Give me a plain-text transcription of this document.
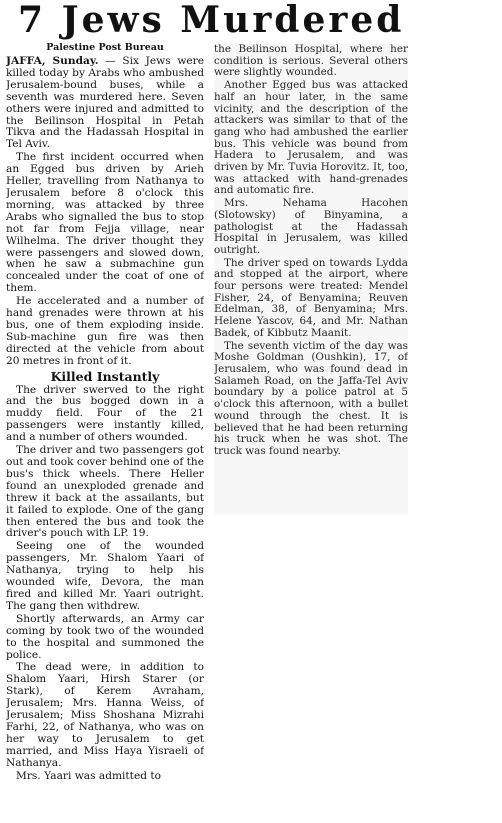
7 Jews Murdered
Palestine Post Bureau

JAFFA, Sunday. — Six Jews were killed today by Arabs who ambushed Jerusalem-bound buses, while a seventh was murdered here. Seven others were injured and admitted to the Beilinson Hospital in Petah Tikva and the Hadassah Hospital in Tel Aviv.

The first incident occurred when an Egged bus driven by Arieh Heller, travelling from Nathanya to Jerusalem before 8 o'clock this morning, was attacked by three Arabs who signalled the bus to stop not far from Fejja village, near Wilhelma. The driver thought they were passengers and slowed down, when he saw a submachine gun concealed under the coat of one of them.

He accelerated and a number of hand grenades were thrown at his bus, one of them exploding inside. Sub-machine gun fire was then directed at the vehicle from about 20 metres in front of it.

Killed Instantly

The driver swerved to the right and the bus bogged down in a muddy field. Four of the 21 passengers were instantly killed, and a number of others wounded.

The driver and two passengers got out and took cover behind one of the bus's thick wheels. There Heller found an unexploded grenade and threw it back at the assailants, but it failed to explode. One of the gang then entered the bus and took the driver's pouch with LP. 19.

Seeing one of the wounded passengers, Mr. Shalom Yaari of Nathanya, trying to help his wounded wife, Devora, the man fired and killed Mr. Yaari outright. The gang then withdrew.

Shortly afterwards, an Army car coming by took two of the wounded to the hospital and summoned the police.

The dead were, in addition to Shalom Yaari, Hirsh Starer (or Stark), of Kerem Avraham, Jerusalem; Mrs. Hanna Weiss, of Jerusalem; Miss Shoshana Mizrahi Farhi, 22, of Nathanya, who was on her way to Jerusalem to get married, and Miss Haya Yisraeli of Nathanya.

Mrs. Yaari was admitted to

the Beilinson Hospital, where her condition is serious. Several others were slightly wounded.

Another Egged bus was attacked half an hour later, in the same vicinity, and the description of the attackers was similar to that of the gang who had ambushed the earlier bus. This vehicle was bound from Hadera to Jerusalem, and was driven by Mr. Tuvia Horovitz. It, too, was attacked with hand-grenades and automatic fire.

Mrs. Nehama Hacohen (Slotowsky) of Binyamina, a pathologist at the Hadassah Hospital in Jerusalem, was killed outright.

The driver sped on towards Lydda and stopped at the airport, where four persons were treated: Mendel Fisher, 24, of Benyamina; Reuven Edelman, 38, of Benyamina; Mrs. Helene Yascov, 64, and Mr. Nathan Badek, of Kibbutz Maanit.

The seventh victim of the day was Moshe Goldman (Oushkin), 17, of Jerusalem, who was found dead in Salameh Road, on the Jaffa-Tel Aviv boundary by a police patrol at 5 o'clock this afternoon, with a bullet wound through the chest. It is believed that he had been returning his truck when he was shot. The truck was found nearby.
